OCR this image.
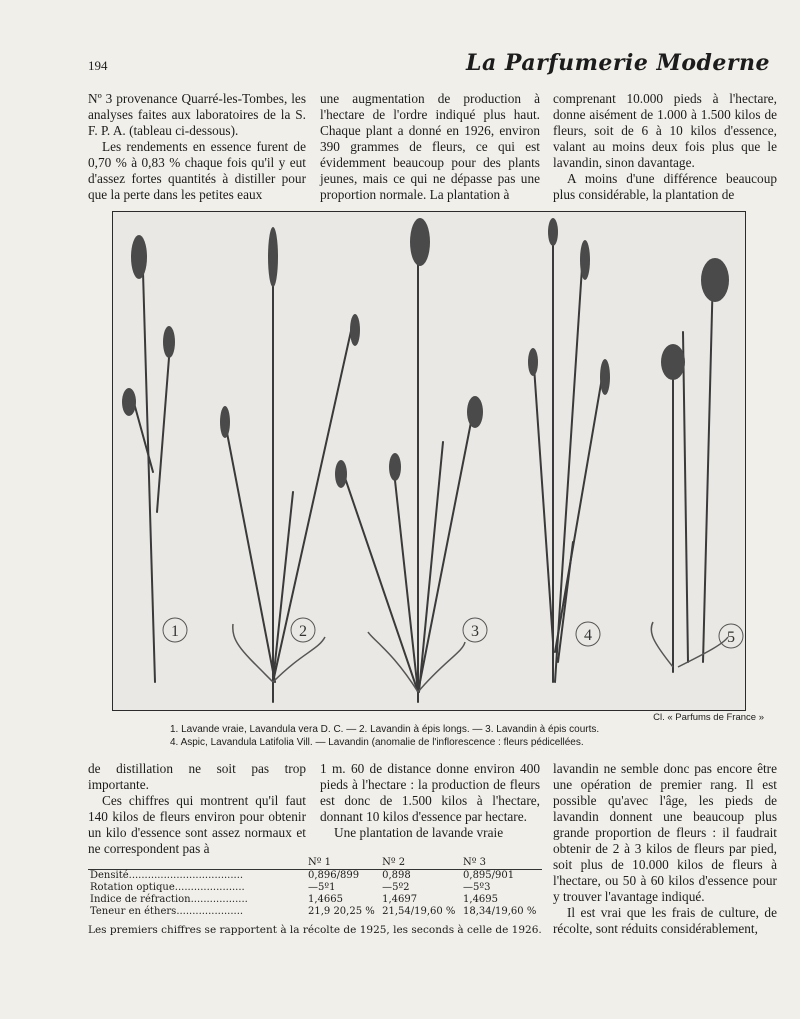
194	La Parfumerie Moderne

Nº 3 provenance Quarré-les-Tombes, les analyses faites aux laboratoires de la S. F. P. A. (tableau ci-dessous).

Les rendements en essence furent de 0,70 % à 0,83 % chaque fois qu'il y eut d'assez fortes quantités à distiller pour que la perte dans les petites eaux

une augmentation de production à l'hectare de l'ordre indiqué plus haut. Chaque plant a donné en 1926, environ 390 grammes de fleurs, ce qui est évidemment beaucoup pour des plants jeunes, mais ce qui ne dépasse pas une proportion normale. La plantation à

comprenant 10.000 pieds à l'hectare, donne aisément de 1.000 à 1.500 kilos de fleurs, soit de 6 à 10 kilos d'essence, valant au moins deux fois plus que le lavandin, sinon davantage.

A moins d'une différence beaucoup plus considérable, la plantation de

1	2	3	4	5
Cl. « Parfums de France »
1. Lavande vraie, Lavandula vera D. C. — 2. Lavandin à épis longs. — 3. Lavandin à épis courts.
4. Aspic, Lavandula Latifolia Vill. — Lavandin (anomalie de l'inflorescence : fleurs pédicellées.

de distillation ne soit pas trop importante.

Ces chiffres qui montrent qu'il faut 140 kilos de fleurs environ pour obtenir un kilo d'essence sont assez normaux et ne correspondent pas à

1 m. 60 de distance donne environ 400 pieds à l'hectare : la production de fleurs est donc de 1.500 kilos à l'hectare, donnant 10 kilos d'essence par hectare.

Une plantation de lavande vraie

lavandin ne semble donc pas encore être une opération de premier rang. Il est possible qu'avec l'âge, les pieds de lavandin donnent une beaucoup plus grande proportion de fleurs : il faudrait obtenir de 2 à 3 kilos de fleurs par pied, soit plus de 10.000 kilos de fleurs à l'hectare, ou 50 à 60 kilos d'essence pour y trouver l'avantage indiqué.

Il est vrai que les frais de culture, de récolte, sont réduits considérablement,

	Nº 1	Nº 2	Nº 3
Densité....................................	0,896/899	0,898	0,895/901
Rotation optique......................	—5º1	—5º2	—5º3
Indice de réfraction..................	1,4665	1,4697	1,4695
Teneur en éthers.....................	21,9 20,25 %	21,54/19,60 %	18,34/19,60 %
Les premiers chiffres se rapportent à la récolte de 1925, les seconds à celle de 1926.
